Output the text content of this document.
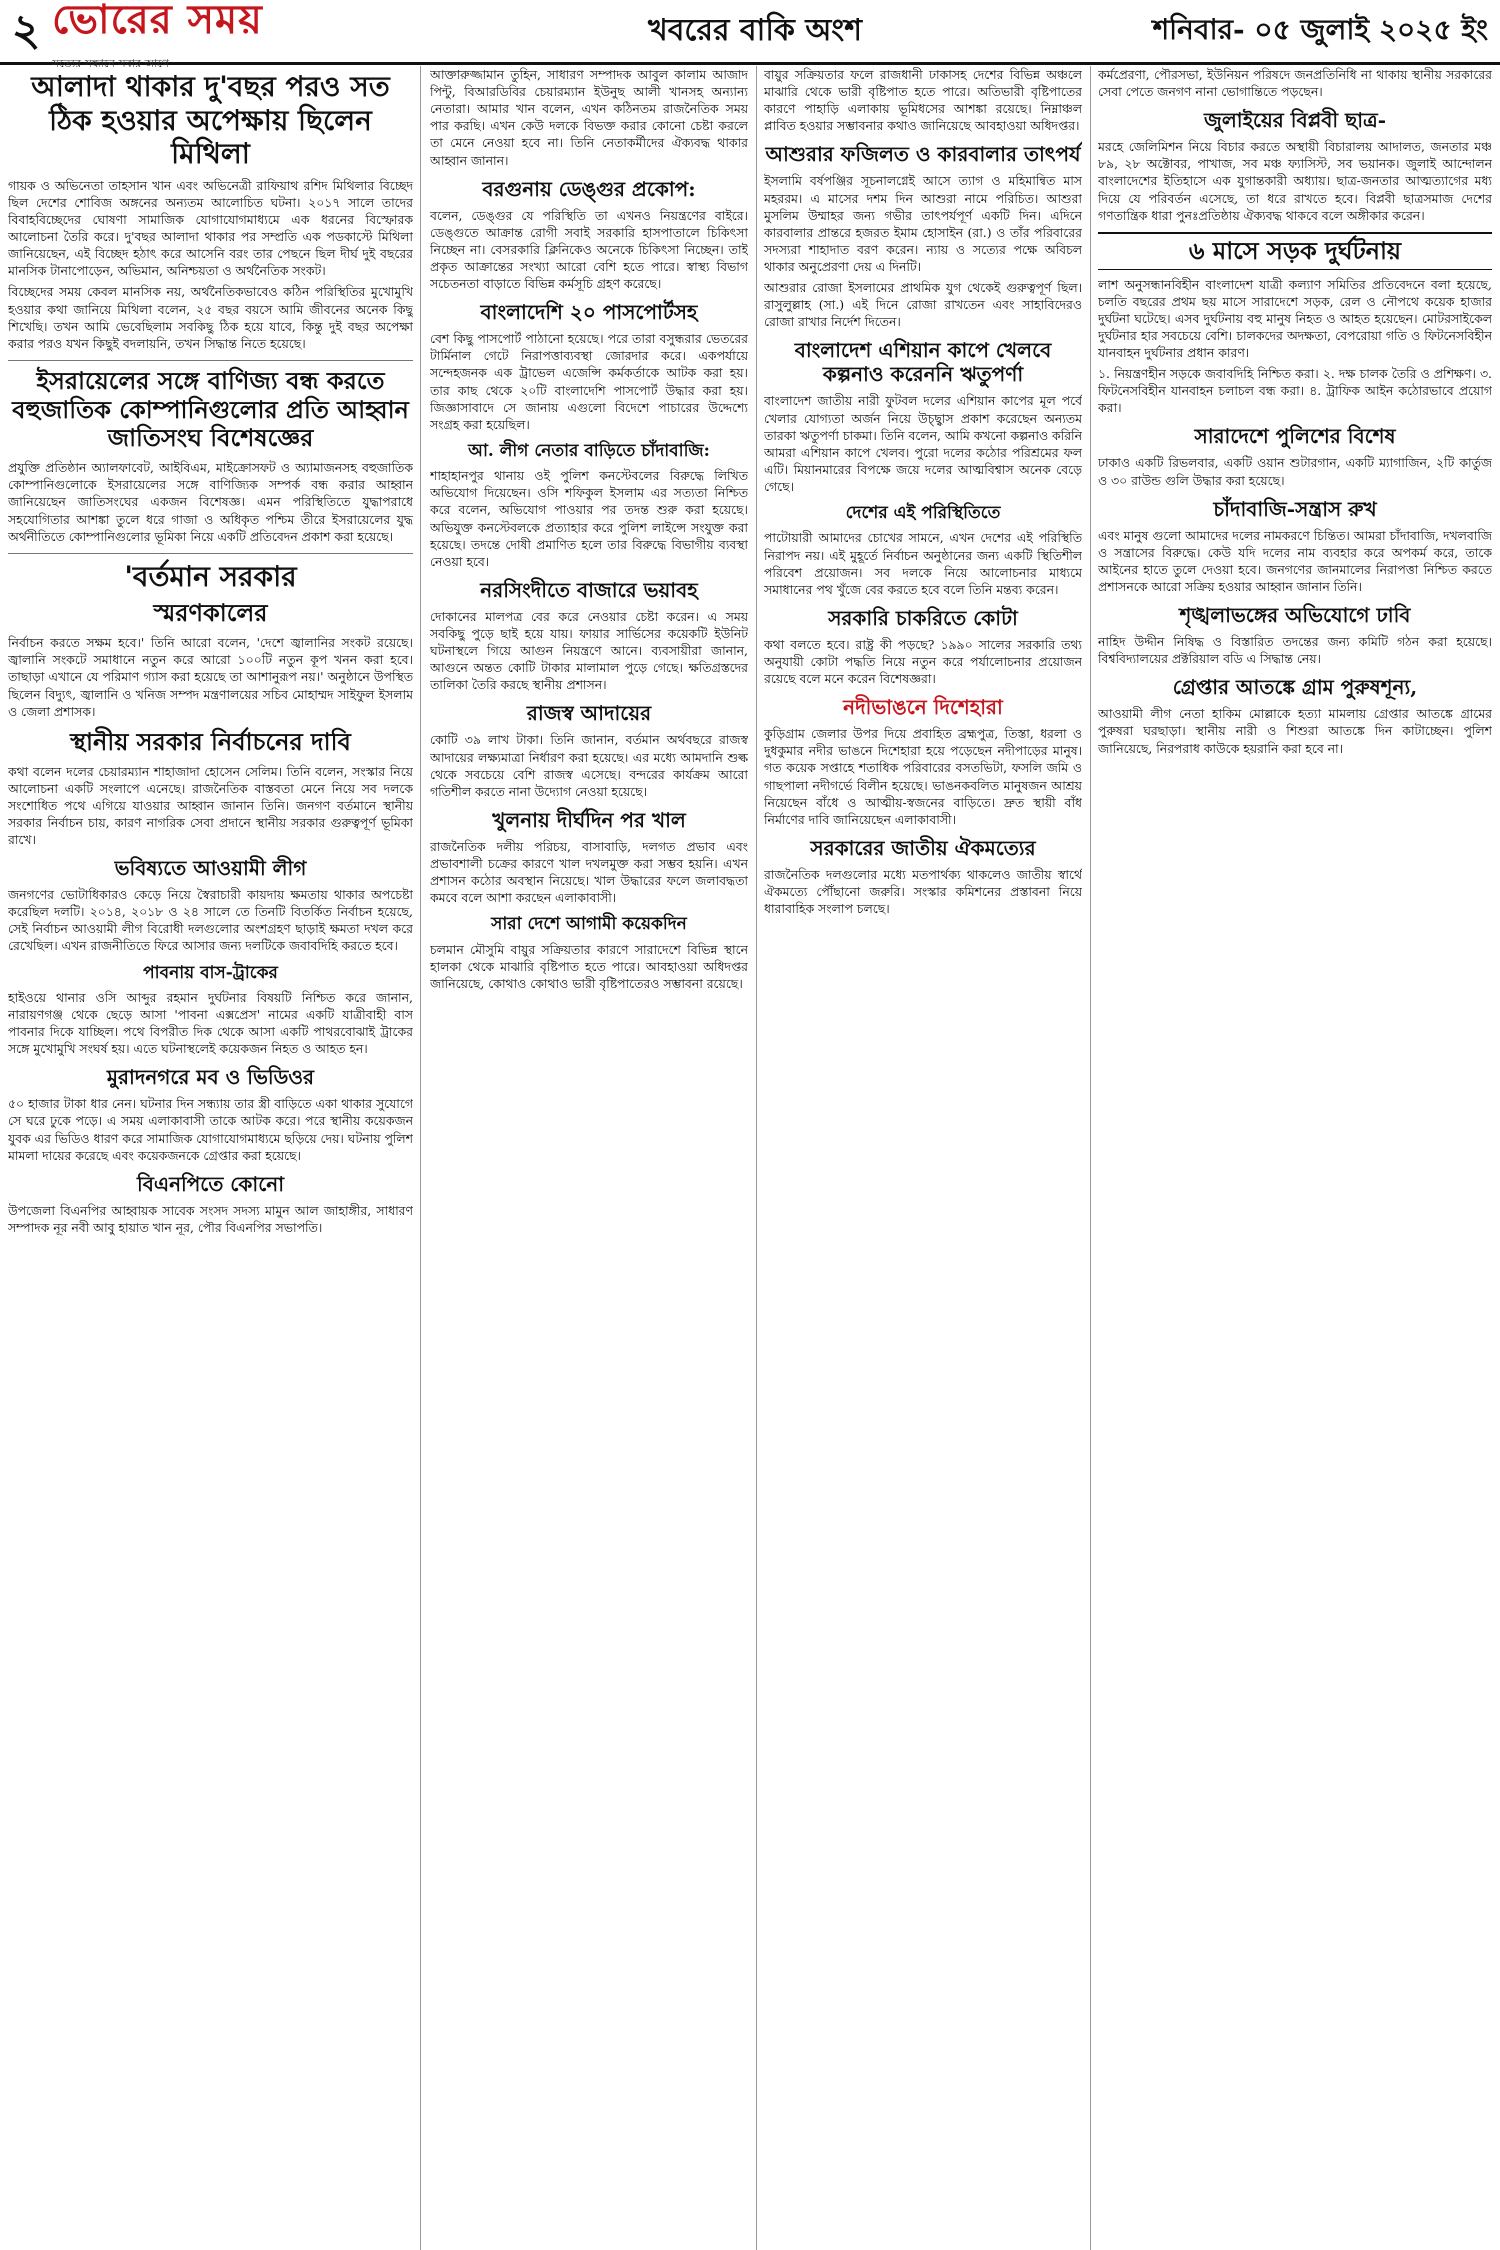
২ ভোরের সময়
সত্যের সন্ধানে সবার আগে
খবরের বাকি অংশ	শনিবার- ০৫ জুলাই ২০২৫ ইং
আলাদা থাকার দু'বছর পরও সত ঠিক হওয়ার অপেক্ষায় ছিলেন মিথিলা

গায়ক ও অভিনেতা তাহসান খান এবং অভিনেত্রী রাফিয়াথ রশিদ মিথিলার বিচ্ছেদ ছিল দেশের শোবিজ অঙ্গনের অন্যতম আলোচিত ঘটনা। ২০১৭ সালে তাদের বিবাহবিচ্ছেদের ঘোষণা সামাজিক যোগাযোগমাধ্যমে এক ধরনের বিস্ফোরক আলোচনা তৈরি করে। দু'বছর আলাদা থাকার পর সম্প্রতি এক পডকাস্টে মিথিলা জানিয়েছেন, এই বিচ্ছেদ হঠাৎ করে আসেনি বরং তার পেছনে ছিল দীর্ঘ দুই বছরের মানসিক টানাপোড়েন, অভিমান, অনিশ্চয়তা ও অর্থনৈতিক সংকট।

বিচ্ছেদের সময় কেবল মানসিক নয়, অর্থনৈতিকভাবেও কঠিন পরিস্থিতির মুখোমুখি হওয়ার কথা জানিয়ে মিথিলা বলেন, ২৫ বছর বয়সে আমি জীবনের অনেক কিছু শিখেছি। তখন আমি ভেবেছিলাম সবকিছু ঠিক হয়ে যাবে, কিন্তু দুই বছর অপেক্ষা করার পরও যখন কিছুই বদলায়নি, তখন সিদ্ধান্ত নিতে হয়েছে।

ইসরায়েলের সঙ্গে বাণিজ্য বন্ধ করতে বহুজাতিক কোম্পানিগুলোর প্রতি আহ্বান জাতিসংঘ বিশেষজ্ঞের

প্রযুক্তি প্রতিষ্ঠান অ্যালফাবেট, আইবিএম, মাইক্রোসফট ও অ্যামাজনসহ বহুজাতিক কোম্পানিগুলোকে ইসরায়েলের সঙ্গে বাণিজ্যিক সম্পর্ক বন্ধ করার আহ্বান জানিয়েছেন জাতিসংঘের একজন বিশেষজ্ঞ। এমন পরিস্থিতিতে যুদ্ধাপরাধে সহযোগিতার আশঙ্কা তুলে ধরে গাজা ও অধিকৃত পশ্চিম তীরে ইসরায়েলের যুদ্ধ অর্থনীতিতে কোম্পানিগুলোর ভূমিকা নিয়ে একটি প্রতিবেদন প্রকাশ করা হয়েছে।

'বর্তমান সরকার
স্মরণকালের

নির্বাচন করতে সক্ষম হবে।' তিনি আরো বলেন, 'দেশে জ্বালানির সংকট রয়েছে। জ্বালানি সংকটে সমাধানে নতুন করে আরো ১০০টি নতুন কূপ খনন করা হবে। তাছাড়া এখানে যে পরিমাণ গ্যাস করা হয়েছে তা আশানুরূপ নয়।' অনুষ্ঠানে উপস্থিত ছিলেন বিদ্যুৎ, জ্বালানি ও খনিজ সম্পদ মন্ত্রণালয়ের সচিব মোহাম্মদ সাইফুল ইসলাম ও জেলা প্রশাসক।

স্থানীয় সরকার নির্বাচনের দাবি

কথা বলেন দলের চেয়ারম্যান শাহাজাদা হোসেন সেলিম। তিনি বলেন, সংস্কার নিয়ে আলোচনা একটি সংলাপে এনেছে। রাজনৈতিক বাস্তবতা মেনে নিয়ে সব দলকে সংশোধিত পথে এগিয়ে যাওয়ার আহ্বান জানান তিনি। জনগণ বর্তমানে স্থানীয় সরকার নির্বাচন চায়, কারণ নাগরিক সেবা প্রদানে স্থানীয় সরকার গুরুত্বপূর্ণ ভূমিকা রাখে।

ভবিষ্যতে আওয়ামী লীগ

জনগণের ভোটাধিকারও কেড়ে নিয়ে স্বৈরাচারী কায়দায় ক্ষমতায় থাকার অপচেষ্টা করেছিল দলটি। ২০১৪, ২০১৮ ও ২৪ সালে তে তিনটি বিতর্কিত নির্বাচন হয়েছে, সেই নির্বাচন আওয়ামী লীগ বিরোধী দলগুলোর অংশগ্রহণ ছাড়াই ক্ষমতা দখল করে রেখেছিল। এখন রাজনীতিতে ফিরে আসার জন্য দলটিকে জবাবদিহি করতে হবে।

পাবনায় বাস-ট্রাকের

হাইওয়ে থানার ওসি আব্দুর রহমান দুর্ঘটনার বিষয়টি নিশ্চিত করে জানান, নারায়ণগঞ্জ থেকে ছেড়ে আসা 'পাবনা এক্সপ্রেস' নামের একটি যাত্রীবাহী বাস পাবনার দিকে যাচ্ছিল। পথে বিপরীত দিক থেকে আসা একটি পাথরবোঝাই ট্রাকের সঙ্গে মুখোমুখি সংঘর্ষ হয়। এতে ঘটনাস্থলেই কয়েকজন নিহত ও আহত হন।

মুরাদনগরে মব ও ভিডিওর

৫০ হাজার টাকা ধার নেন। ঘটনার দিন সন্ধ্যায় তার স্ত্রী বাড়িতে একা থাকার সুযোগে সে ঘরে ঢুকে পড়ে। এ সময় এলাকাবাসী তাকে আটক করে। পরে স্থানীয় কয়েকজন যুবক এর ভিডিও ধারণ করে সামাজিক যোগাযোগমাধ্যমে ছড়িয়ে দেয়। ঘটনায় পুলিশ মামলা দায়ের করেছে এবং কয়েকজনকে গ্রেপ্তার করা হয়েছে।

বিএনপিতে কোনো

উপজেলা বিএনপির আহ্বায়ক সাবেক সংসদ সদস্য মামুন আল জাহাঙ্গীর, সাধারণ সম্পাদক নূর নবী আবু হায়াত খান নূর, পৌর বিএনপির সভাপতি।

আক্তারুজ্জামান তুহিন, সাধারণ সম্পাদক আবুল কালাম আজাদ পিন্টু, বিআরডিবির চেয়ারম্যান ইউনুছ আলী খানসহ অন্যান্য নেতারা। আমার খান বলেন, এখন কঠিনতম রাজনৈতিক সময় পার করছি। এখন কেউ দলকে বিভক্ত করার কোনো চেষ্টা করলে তা মেনে নেওয়া হবে না। তিনি নেতাকর্মীদের ঐক্যবদ্ধ থাকার আহ্বান জানান।

বরগুনায় ডেঙ্গুর প্রকোপ:

বলেন, ডেঙ্গুর যে পরিস্থিতি তা এখনও নিয়ন্ত্রণের বাইরে। ডেঙ্গুতে আক্রান্ত রোগী সবাই সরকারি হাসপাতালে চিকিৎসা নিচ্ছেন না। বেসরকারি ক্লিনিকেও অনেকে চিকিৎসা নিচ্ছেন। তাই প্রকৃত আক্রান্তের সংখ্যা আরো বেশি হতে পারে। স্বাস্থ্য বিভাগ সচেতনতা বাড়াতে বিভিন্ন কর্মসূচি গ্রহণ করেছে।

বাংলাদেশি ২০ পাসপোর্টসহ

বেশ কিছু পাসপোর্ট পাঠানো হয়েছে। পরে তারা বসুন্ধরার ভেতরের টার্মিনাল গেটে নিরাপত্তাব্যবস্থা জোরদার করে। একপর্যায়ে সন্দেহজনক এক ট্রাভেল এজেন্সি কর্মকর্তাকে আটক করা হয়। তার কাছ থেকে ২০টি বাংলাদেশি পাসপোর্ট উদ্ধার করা হয়। জিজ্ঞাসাবাদে সে জানায় এগুলো বিদেশে পাচারের উদ্দেশ্যে সংগ্রহ করা হয়েছিল।

আ. লীগ নেতার বাড়িতে চাঁদাবাজি:

শাহাহানপুর থানায় ওই পুলিশ কনস্টেবলের বিরুদ্ধে লিখিত অভিযোগ দিয়েছেন। ওসি শফিকুল ইসলাম এর সত্যতা নিশ্চিত করে বলেন, অভিযোগ পাওয়ার পর তদন্ত শুরু করা হয়েছে। অভিযুক্ত কনস্টেবলকে প্রত্যাহার করে পুলিশ লাইন্সে সংযুক্ত করা হয়েছে। তদন্তে দোষী প্রমাণিত হলে তার বিরুদ্ধে বিভাগীয় ব্যবস্থা নেওয়া হবে।

নরসিংদীতে বাজারে ভয়াবহ

দোকানের মালপত্র বের করে নেওয়ার চেষ্টা করেন। এ সময় সবকিছু পুড়ে ছাই হয়ে যায়। ফায়ার সার্ভিসের কয়েকটি ইউনিট ঘটনাস্থলে গিয়ে আগুন নিয়ন্ত্রণে আনে। ব্যবসায়ীরা জানান, আগুনে অন্তত কোটি টাকার মালামাল পুড়ে গেছে। ক্ষতিগ্রস্তদের তালিকা তৈরি করছে স্থানীয় প্রশাসন।

রাজস্ব আদায়ের

কোটি ৩৯ লাখ টাকা। তিনি জানান, বর্তমান অর্থবছরে রাজস্ব আদায়ের লক্ষ্যমাত্রা নির্ধারণ করা হয়েছে। এর মধ্যে আমদানি শুল্ক থেকে সবচেয়ে বেশি রাজস্ব এসেছে। বন্দরের কার্যক্রম আরো গতিশীল করতে নানা উদ্যোগ নেওয়া হয়েছে।

খুলনায় দীর্ঘদিন পর খাল

রাজনৈতিক দলীয় পরিচয়, বাসাবাড়ি, দলগত প্রভাব এবং প্রভাবশালী চক্রের কারণে খাল দখলমুক্ত করা সম্ভব হয়নি। এখন প্রশাসন কঠোর অবস্থান নিয়েছে। খাল উদ্ধারের ফলে জলাবদ্ধতা কমবে বলে আশা করছেন এলাকাবাসী।

সারা দেশে আগামী কয়েকদিন

চলমান মৌসুমি বায়ুর সক্রিয়তার কারণে সারাদেশে বিভিন্ন স্থানে হালকা থেকে মাঝারি বৃষ্টিপাত হতে পারে। আবহাওয়া অধিদপ্তর জানিয়েছে, কোথাও কোথাও ভারী বৃষ্টিপাতেরও সম্ভাবনা রয়েছে।

বায়ুর সক্রিয়তার ফলে রাজধানী ঢাকাসহ দেশের বিভিন্ন অঞ্চলে মাঝারি থেকে ভারী বৃষ্টিপাত হতে পারে। অতিভারী বৃষ্টিপাতের কারণে পাহাড়ি এলাকায় ভূমিধসের আশঙ্কা রয়েছে। নিম্নাঞ্চল প্লাবিত হওয়ার সম্ভাবনার কথাও জানিয়েছে আবহাওয়া অধিদপ্তর।

আশুরার ফজিলত ও কারবালার তাৎপর্য

ইসলামি বর্ষপঞ্জির সূচনালগ্নেই আসে ত্যাগ ও মহিমান্বিত মাস মহররম। এ মাসের দশম দিন আশুরা নামে পরিচিত। আশুরা মুসলিম উম্মাহর জন্য গভীর তাৎপর্যপূর্ণ একটি দিন। এদিনে কারবালার প্রান্তরে হজরত ইমাম হোসাইন (রা.) ও তাঁর পরিবারের সদস্যরা শাহাদাত বরণ করেন। ন্যায় ও সত্যের পক্ষে অবিচল থাকার অনুপ্রেরণা দেয় এ দিনটি।

আশুরার রোজা ইসলামের প্রাথমিক যুগ থেকেই গুরুত্বপূর্ণ ছিল। রাসুলুল্লাহ (সা.) এই দিনে রোজা রাখতেন এবং সাহাবিদেরও রোজা রাখার নির্দেশ দিতেন।

বাংলাদেশ এশিয়ান কাপে খেলবে কল্পনাও করেননি ঋতুপর্ণা

বাংলাদেশ জাতীয় নারী ফুটবল দলের এশিয়ান কাপের মূল পর্বে খেলার যোগ্যতা অর্জন নিয়ে উচ্ছ্বাস প্রকাশ করেছেন অন্যতম তারকা ঋতুপর্ণা চাকমা। তিনি বলেন, আমি কখনো কল্পনাও করিনি আমরা এশিয়ান কাপে খেলব। পুরো দলের কঠোর পরিশ্রমের ফল এটি। মিয়ানমারের বিপক্ষে জয়ে দলের আত্মবিশ্বাস অনেক বেড়ে গেছে।

দেশের এই পরিস্থিতিতে

পাটোয়ারী আমাদের চোখের সামনে, এখন দেশের এই পরিস্থিতি নিরাপদ নয়। এই মুহূর্তে নির্বাচন অনুষ্ঠানের জন্য একটি স্থিতিশীল পরিবেশ প্রয়োজন। সব দলকে নিয়ে আলোচনার মাধ্যমে সমাধানের পথ খুঁজে বের করতে হবে বলে তিনি মন্তব্য করেন।

সরকারি চাকরিতে কোটা

কথা বলতে হবে। রাষ্ট্র কী পড়ছে? ১৯৯০ সালের সরকারি তথ্য অনুযায়ী কোটা পদ্ধতি নিয়ে নতুন করে পর্যালোচনার প্রয়োজন রয়েছে বলে মনে করেন বিশেষজ্ঞরা।

নদীভাঙনে দিশেহারা

কুড়িগ্রাম জেলার উপর দিয়ে প্রবাহিত ব্রহ্মপুত্র, তিস্তা, ধরলা ও দুধকুমার নদীর ভাঙনে দিশেহারা হয়ে পড়েছেন নদীপাড়ের মানুষ। গত কয়েক সপ্তাহে শতাধিক পরিবারের বসতভিটা, ফসলি জমি ও গাছপালা নদীগর্ভে বিলীন হয়েছে। ভাঙনকবলিত মানুষজন আশ্রয় নিয়েছেন বাঁধে ও আত্মীয়-স্বজনের বাড়িতে। দ্রুত স্থায়ী বাঁধ নির্মাণের দাবি জানিয়েছেন এলাকাবাসী।

সরকারের জাতীয় ঐকমত্যের

রাজনৈতিক দলগুলোর মধ্যে মতপার্থক্য থাকলেও জাতীয় স্বার্থে ঐকমত্যে পৌঁছানো জরুরি। সংস্কার কমিশনের প্রস্তাবনা নিয়ে ধারাবাহিক সংলাপ চলছে।

কর্মপ্রেরণা, পৌরসভা, ইউনিয়ন পরিষদে জনপ্রতিনিধি না থাকায় স্থানীয় সরকারের সেবা পেতে জনগণ নানা ভোগান্তিতে পড়ছেন।

জুলাইয়ের বিপ্লবী ছাত্র-

মরহে জেলিমিশন নিয়ে বিচার করতে অস্থায়ী বিচারালয় আদালত, জনতার মঞ্চ ৮৯, ২৮ অক্টোবর, পাখাজ, সব মঞ্চ ফ্যাসিস্ট, সব ভয়ানক। জুলাই আন্দোলন বাংলাদেশের ইতিহাসে এক যুগান্তকারী অধ্যায়। ছাত্র-জনতার আত্মত্যাগের মধ্য দিয়ে যে পরিবর্তন এসেছে, তা ধরে রাখতে হবে। বিপ্লবী ছাত্রসমাজ দেশের গণতান্ত্রিক ধারা পুনঃপ্রতিষ্ঠায় ঐক্যবদ্ধ থাকবে বলে অঙ্গীকার করেন।

৬ মাসে সড়ক দুর্ঘটনায়

লাশ অনুসন্ধানবিহীন বাংলাদেশ যাত্রী কল্যাণ সমিতির প্রতিবেদনে বলা হয়েছে, চলতি বছরের প্রথম ছয় মাসে সারাদেশে সড়ক, রেল ও নৌপথে কয়েক হাজার দুর্ঘটনা ঘটেছে। এসব দুর্ঘটনায় বহু মানুষ নিহত ও আহত হয়েছেন। মোটরসাইকেল দুর্ঘটনার হার সবচেয়ে বেশি। চালকদের অদক্ষতা, বেপরোয়া গতি ও ফিটনেসবিহীন যানবাহন দুর্ঘটনার প্রধান কারণ।

১. নিয়ন্ত্রণহীন সড়কে জবাবদিহি নিশ্চিত করা। ২. দক্ষ চালক তৈরি ও প্রশিক্ষণ। ৩. ফিটনেসবিহীন যানবাহন চলাচল বন্ধ করা। ৪. ট্রাফিক আইন কঠোরভাবে প্রয়োগ করা।

সারাদেশে পুলিশের বিশেষ

ঢাকাও একটি রিভলবার, একটি ওয়ান শুটারগান, একটি ম্যাগাজিন, ২টি কার্তুজ ও ৩০ রাউন্ড গুলি উদ্ধার করা হয়েছে।

চাঁদাবাজি-সন্ত্রাস রুখ

এবং মানুষ গুলো আমাদের দলের নামকরণে চিন্তিত। আমরা চাঁদাবাজি, দখলবাজি ও সন্ত্রাসের বিরুদ্ধে। কেউ যদি দলের নাম ব্যবহার করে অপকর্ম করে, তাকে আইনের হাতে তুলে দেওয়া হবে। জনগণের জানমালের নিরাপত্তা নিশ্চিত করতে প্রশাসনকে আরো সক্রিয় হওয়ার আহ্বান জানান তিনি।

শৃঙ্খলাভঙ্গের অভিযোগে ঢাবি

নাহিদ উদ্দীন নিষিদ্ধ ও বিস্তারিত তদন্তের জন্য কমিটি গঠন করা হয়েছে। বিশ্ববিদ্যালয়ের প্রক্টরিয়াল বডি এ সিদ্ধান্ত নেয়।

গ্রেপ্তার আতঙ্কে গ্রাম পুরুষশূন্য,

আওয়ামী লীগ নেতা হাকিম মোল্লাকে হত্যা মামলায় গ্রেপ্তার আতঙ্কে গ্রামের পুরুষরা ঘরছাড়া। স্থানীয় নারী ও শিশুরা আতঙ্কে দিন কাটাচ্ছেন। পুলিশ জানিয়েছে, নিরপরাধ কাউকে হয়রানি করা হবে না।
